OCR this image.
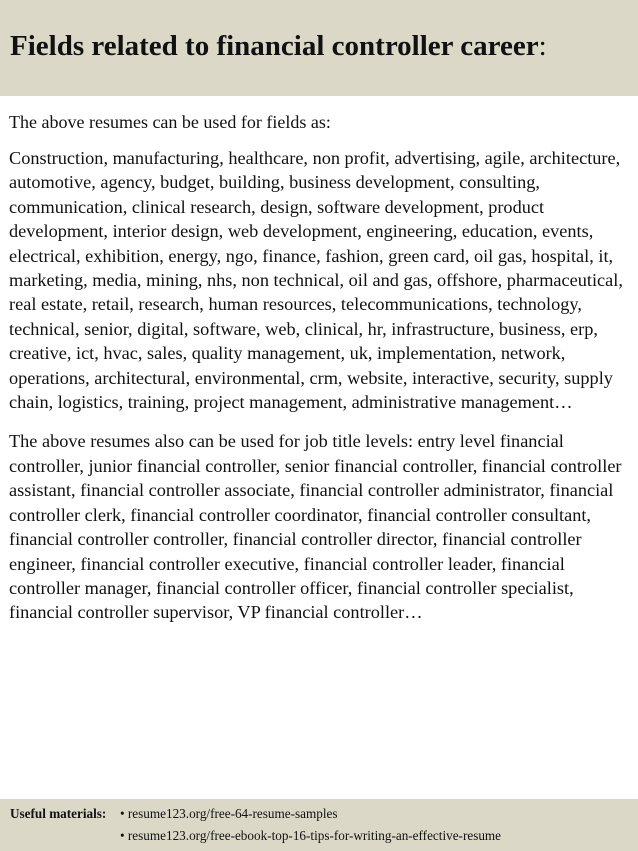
Fields related to financial controller career:

The above resumes can be used for fields as:

Construction, manufacturing, healthcare, non profit, advertising, agile, architecture, automotive, agency, budget, building, business development, consulting, communication, clinical research, design, software development, product development, interior design, web development, engineering, education, events, electrical, exhibition, energy, ngo, finance, fashion, green card, oil gas, hospital, it, marketing, media, mining, nhs, non technical, oil and gas, offshore, pharmaceutical, real estate, retail, research, human resources, telecommunications, technology, technical, senior, digital, software, web, clinical, hr, infrastructure, business, erp, creative, ict, hvac, sales, quality management, uk, implementation, network, operations, architectural, environmental, crm, website, interactive, security, supply chain, logistics, training, project management, administrative management…

The above resumes also can be used for job title levels: entry level financial controller, junior financial controller, senior financial controller, financial controller assistant, financial controller associate, financial controller administrator, financial controller clerk, financial controller coordinator, financial controller consultant, financial controller controller, financial controller director, financial controller engineer, financial controller executive, financial controller leader, financial controller manager, financial controller officer, financial controller specialist, financial controller supervisor, VP financial controller…

Useful materials:	• resume123.org/free-64-resume-samples
• resume123.org/free-ebook-top-16-tips-for-writing-an-effective-resume
